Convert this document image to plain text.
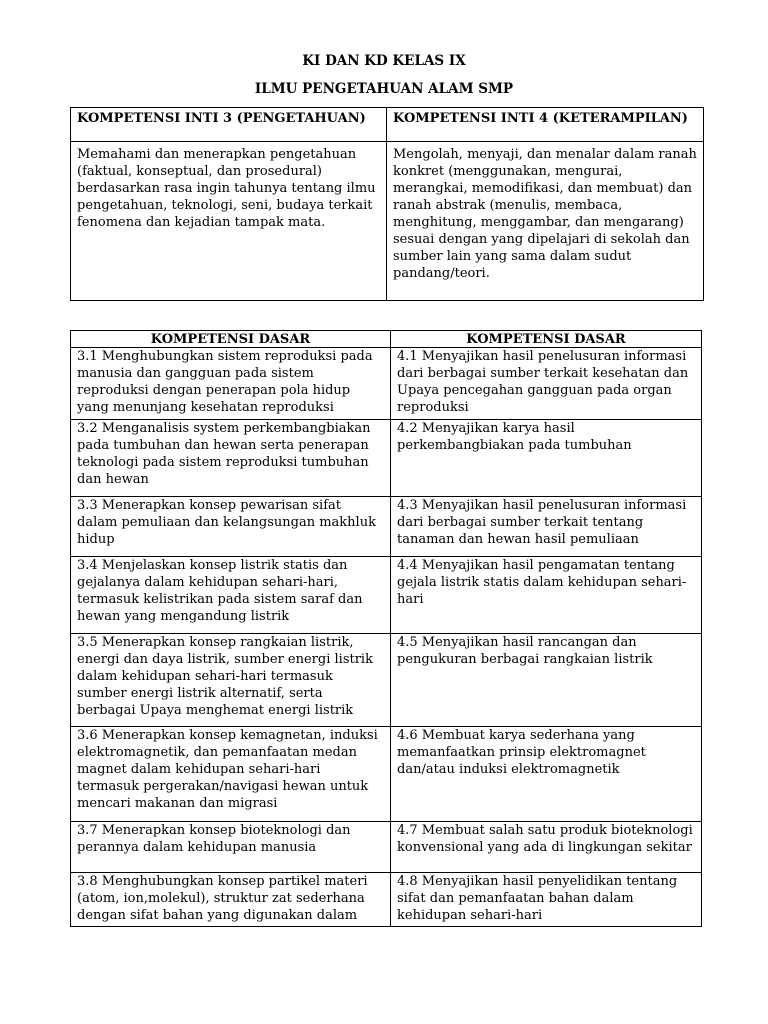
KI DAN KD KELAS IX
ILMU PENGETAHUAN ALAM SMP
KOMPETENSI INTI 3 (PENGETAHUAN)	KOMPETENSI INTI 4 (KETERAMPILAN)
Memahami dan menerapkan pengetahuan (faktual, konseptual, dan prosedural) berdasarkan rasa ingin tahunya tentang ilmu pengetahuan, teknologi, seni, budaya terkait fenomena dan kejadian tampak mata.	Mengolah, menyaji, dan menalar dalam ranah konkret (menggunakan, mengurai, merangkai, memodifikasi, dan membuat) dan ranah abstrak (menulis, membaca, menghitung, menggambar, dan mengarang) sesuai dengan yang dipelajari di sekolah dan sumber lain yang sama dalam sudut pandang/teori.
KOMPETENSI DASAR	KOMPETENSI DASAR
3.1 Menghubungkan sistem reproduksi pada manusia dan gangguan pada sistem reproduksi dengan penerapan pola hidup yang menunjang kesehatan reproduksi	4.1 Menyajikan hasil penelusuran informasi dari berbagai sumber terkait kesehatan dan Upaya pencegahan gangguan pada organ reproduksi
3.2 Menganalisis system perkembangbiakan pada tumbuhan dan hewan serta penerapan teknologi pada sistem reproduksi tumbuhan dan hewan	4.2 Menyajikan karya hasil perkembangbiakan pada tumbuhan
3.3 Menerapkan konsep pewarisan sifat dalam pemuliaan dan kelangsungan makhluk hidup	4.3 Menyajikan hasil penelusuran informasi dari berbagai sumber terkait tentang tanaman dan hewan hasil pemuliaan
3.4 Menjelaskan konsep listrik statis dan gejalanya dalam kehidupan sehari-hari, termasuk kelistrikan pada sistem saraf dan hewan yang mengandung listrik	4.4 Menyajikan hasil pengamatan tentang gejala listrik statis dalam kehidupan sehari-hari
3.5 Menerapkan konsep rangkaian listrik, energi dan daya listrik, sumber energi listrik dalam kehidupan sehari-hari termasuk sumber energi listrik alternatif, serta berbagai Upaya menghemat energi listrik	4.5 Menyajikan hasil rancangan dan pengukuran berbagai rangkaian listrik
3.6 Menerapkan konsep kemagnetan, induksi elektromagnetik, dan pemanfaatan medan magnet dalam kehidupan sehari-hari termasuk pergerakan/navigasi hewan untuk mencari makanan dan migrasi	4.6 Membuat karya sederhana yang memanfaatkan prinsip elektromagnet dan/atau induksi elektromagnetik
3.7 Menerapkan konsep bioteknologi dan perannya dalam kehidupan manusia	4.7 Membuat salah satu produk bioteknologi konvensional yang ada di lingkungan sekitar
3.8 Menghubungkan konsep partikel materi (atom, ion,molekul), struktur zat sederhana dengan sifat bahan yang digunakan dalam	4.8 Menyajikan hasil penyelidikan tentang sifat dan pemanfaatan bahan dalam kehidupan sehari-hari
